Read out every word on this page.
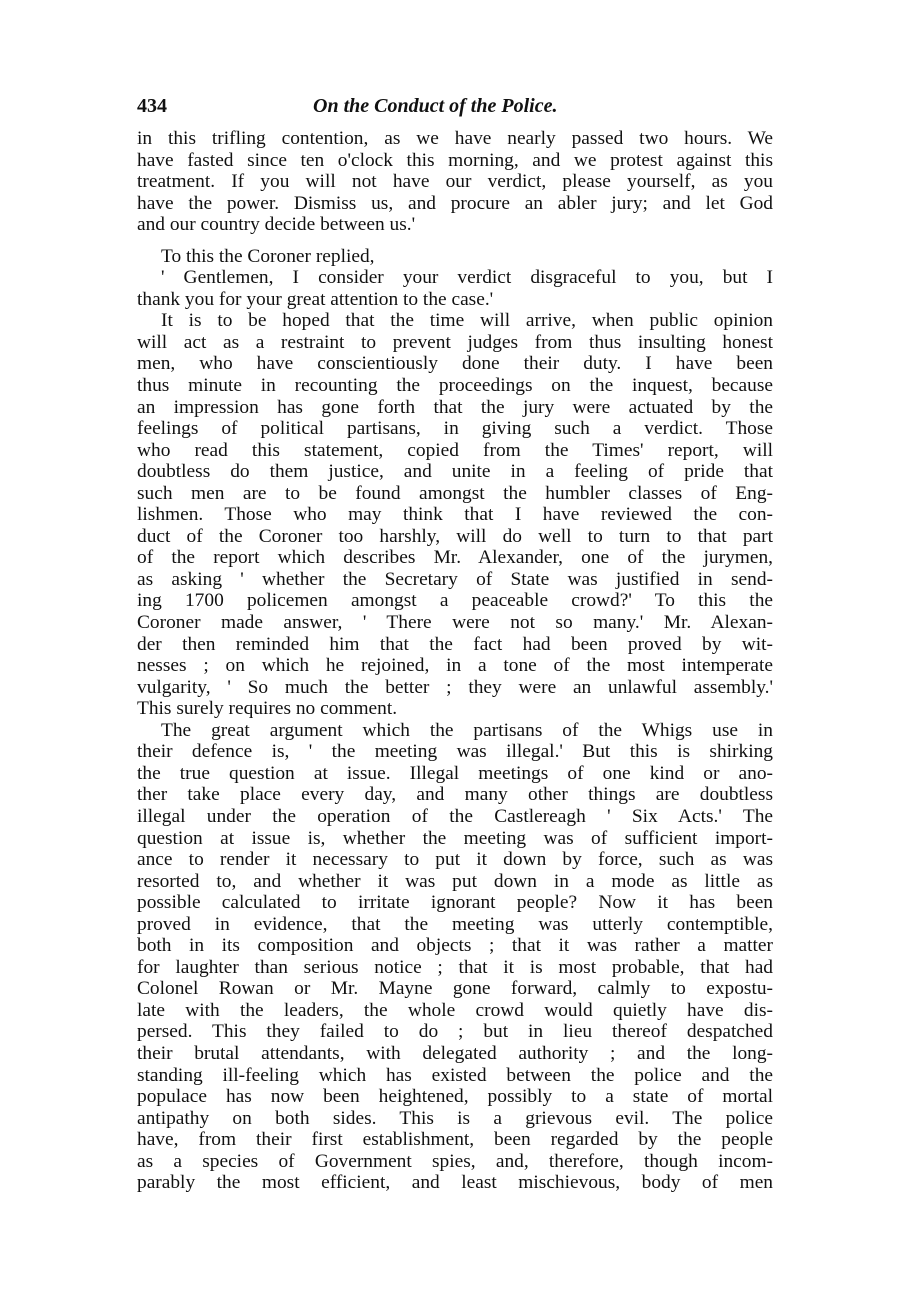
434	On the Conduct of the Police.
in this trifling contention, as we have nearly passed two hours. We
have fasted since ten o'clock this morning, and we protest against this
treatment. If you will not have our verdict, please yourself, as you
have the power. Dismiss us, and procure an abler jury; and let God
and our country decide between us.'
To this the Coroner replied,
' Gentlemen, I consider your verdict disgraceful to you, but I
thank you for your great attention to the case.'
It is to be hoped that the time will arrive, when public opinion
will act as a restraint to prevent judges from thus insulting honest
men, who have conscientiously done their duty. I have been
thus minute in recounting the proceedings on the inquest, because
an impression has gone forth that the jury were actuated by the
feelings of political partisans, in giving such a verdict. Those
who read this statement, copied from the Times' report, will
doubtless do them justice, and unite in a feeling of pride that
such men are to be found amongst the humbler classes of Eng-
lishmen. Those who may think that I have reviewed the con-
duct of the Coroner too harshly, will do well to turn to that part
of the report which describes Mr. Alexander, one of the jurymen,
as asking ' whether the Secretary of State was justified in send-
ing 1700 policemen amongst a peaceable crowd?' To this the
Coroner made answer, ' There were not so many.' Mr. Alexan-
der then reminded him that the fact had been proved by wit-
nesses ; on which he rejoined, in a tone of the most intemperate
vulgarity, ' So much the better ; they were an unlawful assembly.'
This surely requires no comment.
The great argument which the partisans of the Whigs use in
their defence is, ' the meeting was illegal.' But this is shirking
the true question at issue. Illegal meetings of one kind or ano-
ther take place every day, and many other things are doubtless
illegal under the operation of the Castlereagh ' Six Acts.' The
question at issue is, whether the meeting was of sufficient import-
ance to render it necessary to put it down by force, such as was
resorted to, and whether it was put down in a mode as little as
possible calculated to irritate ignorant people? Now it has been
proved in evidence, that the meeting was utterly contemptible,
both in its composition and objects ; that it was rather a matter
for laughter than serious notice ; that it is most probable, that had
Colonel Rowan or Mr. Mayne gone forward, calmly to expostu-
late with the leaders, the whole crowd would quietly have dis-
persed. This they failed to do ; but in lieu thereof despatched
their brutal attendants, with delegated authority ; and the long-
standing ill-feeling which has existed between the police and the
populace has now been heightened, possibly to a state of mortal
antipathy on both sides. This is a grievous evil. The police
have, from their first establishment, been regarded by the people
as a species of Government spies, and, therefore, though incom-
parably the most efficient, and least mischievous, body of men
